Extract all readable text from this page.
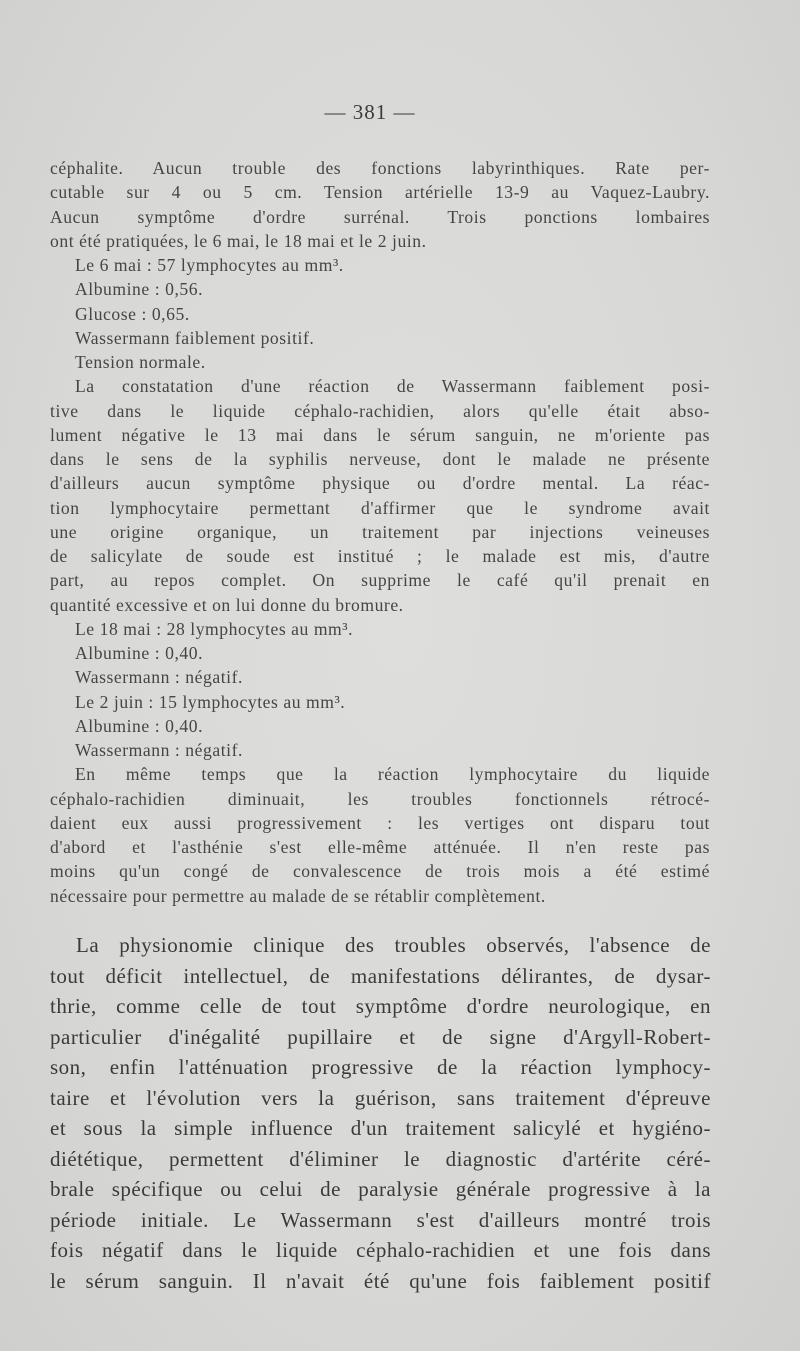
— 381 —
céphalite. Aucun trouble des fonctions labyrinthiques. Rate per-
cutable sur 4 ou 5 cm. Tension artérielle 13-9 au Vaquez-Laubry.
Aucun symptôme d'ordre surrénal. Trois ponctions lombaires
ont été pratiquées, le 6 mai, le 18 mai et le 2 juin.
Le 6 mai : 57 lymphocytes au mm³.
Albumine : 0,56.
Glucose : 0,65.
Wassermann faiblement positif.
Tension normale.
La constatation d'une réaction de Wassermann faiblement posi-
tive dans le liquide céphalo-rachidien, alors qu'elle était abso-
lument négative le 13 mai dans le sérum sanguin, ne m'oriente pas
dans le sens de la syphilis nerveuse, dont le malade ne présente
d'ailleurs aucun symptôme physique ou d'ordre mental. La réac-
tion lymphocytaire permettant d'affirmer que le syndrome avait
une origine organique, un traitement par injections veineuses
de salicylate de soude est institué ; le malade est mis, d'autre
part, au repos complet. On supprime le café qu'il prenait en
quantité excessive et on lui donne du bromure.
Le 18 mai : 28 lymphocytes au mm³.
Albumine : 0,40.
Wassermann : négatif.
Le 2 juin : 15 lymphocytes au mm³.
Albumine : 0,40.
Wassermann : négatif.
En même temps que la réaction lymphocytaire du liquide
céphalo-rachidien diminuait, les troubles fonctionnels rétrocé-
daient eux aussi progressivement : les vertiges ont disparu tout
d'abord et l'asthénie s'est elle-même atténuée. Il n'en reste pas
moins qu'un congé de convalescence de trois mois a été estimé
nécessaire pour permettre au malade de se rétablir complètement.
La physionomie clinique des troubles observés, l'absence de
tout déficit intellectuel, de manifestations délirantes, de dysar-
thrie, comme celle de tout symptôme d'ordre neurologique, en
particulier d'inégalité pupillaire et de signe d'Argyll-Robert-
son, enfin l'atténuation progressive de la réaction lymphocy-
taire et l'évolution vers la guérison, sans traitement d'épreuve
et sous la simple influence d'un traitement salicylé et hygiéno-
diététique, permettent d'éliminer le diagnostic d'artérite céré-
brale spécifique ou celui de paralysie générale progressive à la
période initiale. Le Wassermann s'est d'ailleurs montré trois
fois négatif dans le liquide céphalo-rachidien et une fois dans
le sérum sanguin. Il n'avait été qu'une fois faiblement positif
